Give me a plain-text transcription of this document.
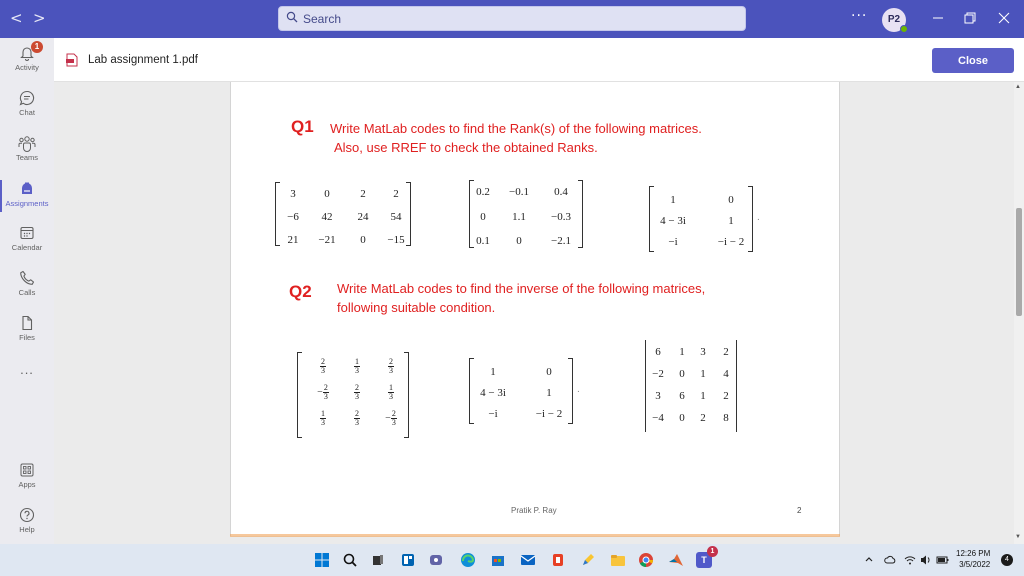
< >	Search	···	P2
1
Activity
Chat
Teams
Assignments
Calendar
Calls
Files
...
Apps
Help
Lab assignment 1.pdf	Close
Q1 Write MatLab codes to find the Rank(s) of the following matrices.
Also, use RREF to check the obtained Ranks.
3	0	2	2
−6	42	24	54
21	−21	0	−15
0.2	−0.1	0.4
0	1.1	−0.3
0.1	0	−2.1
1	0
4 − 3i	1
−i	−i − 2
.
Q2 Write MatLab codes to find the inverse of the following matrices,
following suitable condition.
$\frac{2}{3}$	$\frac{1}{3}$	$\frac{2}{3}$
− $\frac{2}{3}$	$\frac{2}{3}$	$\frac{1}{3}$
$\frac{1}{3}$	$\frac{2}{3}$	− $\frac{2}{3}$
1	0
4 − 3i	1
−i	−i − 2
.
6	1	3	2
−2	0	1	4
3	6	1	2
−4	0	2	8
Pratik P. Ray	2
▲
▼
T
1	12:26 PM
3/5/2022
4
